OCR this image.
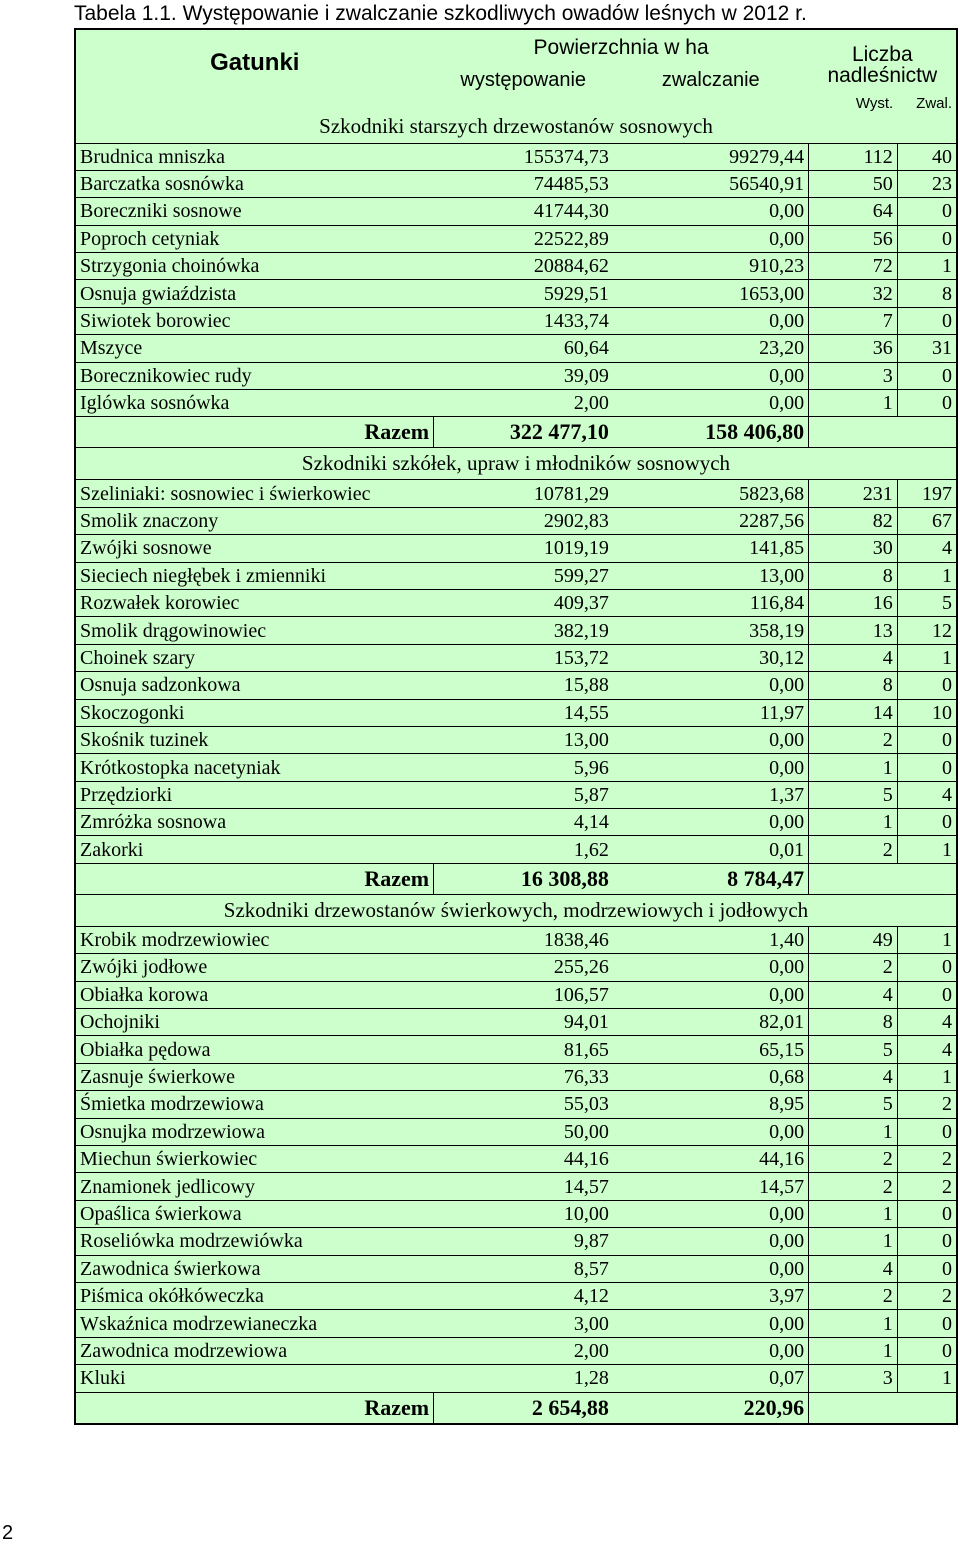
Tabela 1.1. Występowanie i zwalczanie szkodliwych owadów leśnych w 2012 r.
Gatunki	Powierzchnia w ha		Liczba	

	występowanie	zwalczanie	nadleśnictw	
			Wyst.	Zwal.
Szkodniki starszych drzewostanów sosnowych				
Brudnica mniszka	155374,73	99279,44	112	40
Barczatka sosnówka	74485,53	56540,91	50	23
Boreczniki sosnowe	41744,30	0,00	64	0
Poproch cetyniak	22522,89	0,00	56	0
Strzygonia choinówka	20884,62	910,23	72	1
Osnuja gwiaździsta	5929,51	1653,00	32	8
Siwiotek borowiec	1433,74	0,00	7	0
Mszyce	60,64	23,20	36	31
Borecznikowiec rudy	39,09	0,00	3	0
Iglówka sosnówka	2,00	0,00	1	0
Razem	322 477,10	158 406,80		
Szkodniki szkółek, upraw i młodników sosnowych				
Szeliniaki: sosnowiec i świerkowiec	10781,29	5823,68	231	197
Smolik znaczony	2902,83	2287,56	82	67
Zwójki sosnowe	1019,19	141,85	30	4
Sieciech niegłębek i zmienniki	599,27	13,00	8	1
Rozwałek korowiec	409,37	116,84	16	5
Smolik drągowinowiec	382,19	358,19	13	12
Choinek szary	153,72	30,12	4	1
Osnuja sadzonkowa	15,88	0,00	8	0
Skoczogonki	14,55	11,97	14	10
Skośnik tuzinek	13,00	0,00	2	0
Krótkostopka nacetyniak	5,96	0,00	1	0
Przędziorki	5,87	1,37	5	4
Zmróżka sosnowa	4,14	0,00	1	0
Zakorki	1,62	0,01	2	1
Razem	16 308,88	8 784,47		
Szkodniki drzewostanów świerkowych, modrzewiowych i jodłowych				
Krobik modrzewiowiec	1838,46	1,40	49	1
Zwójki jodłowe	255,26	0,00	2	0
Obiałka korowa	106,57	0,00	4	0
Ochojniki	94,01	82,01	8	4
Obiałka pędowa	81,65	65,15	5	4
Zasnuje świerkowe	76,33	0,68	4	1
Śmietka modrzewiowa	55,03	8,95	5	2
Osnujka modrzewiowa	50,00	0,00	1	0
Miechun świerkowiec	44,16	44,16	2	2
Znamionek jedlicowy	14,57	14,57	2	2
Opaślica świerkowa	10,00	0,00	1	0
Roseliówka modrzewiówka	9,87	0,00	1	0
Zawodnica świerkowa	8,57	0,00	4	0
Piśmica okółkóweczka	4,12	3,97	2	2
Wskaźnica modrzewianeczka	3,00	0,00	1	0
Zawodnica modrzewiowa	2,00	0,00	1	0
Kluki	1,28	0,07	3	1
Razem	2 654,88	220,96		
2
